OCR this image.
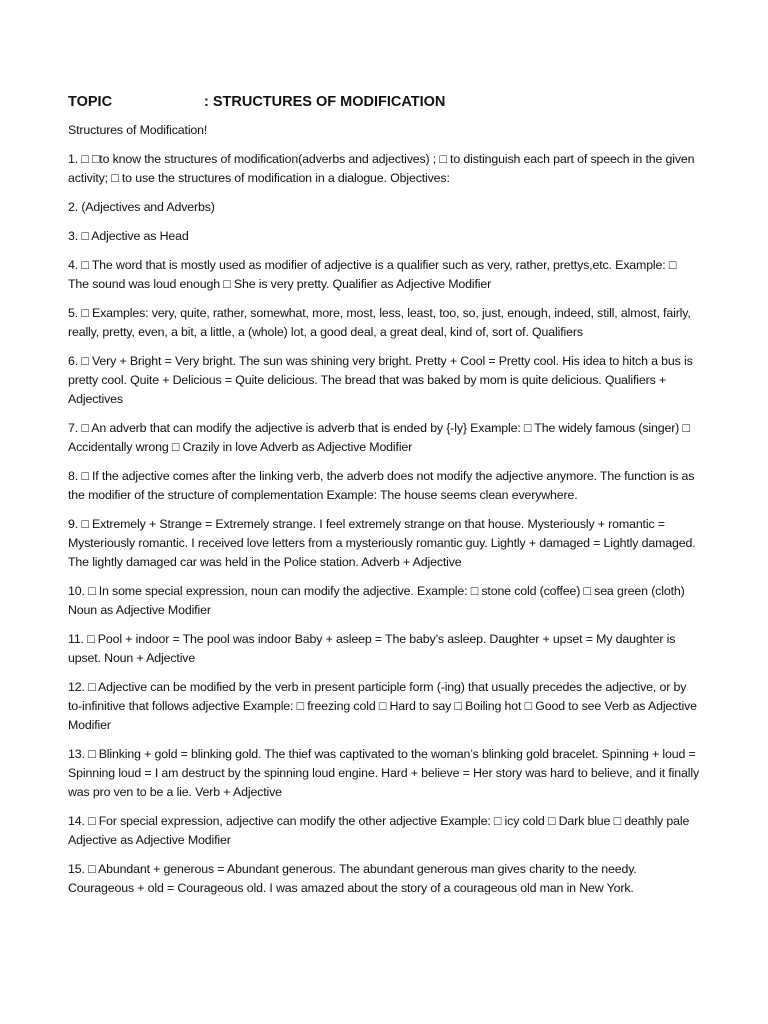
TOPIC	: STRUCTURES OF MODIFICATION

Structures of Modification!

1. □ □to know the structures of modification(adverbs and adjectives) ; □ to distinguish each part of speech in the given activity; □ to use the structures of modification in a dialogue. Objectives:
2. (Adjectives and Adverbs)
3. □ Adjective as Head
4. □ The word that is mostly used as modifier of adjective is a qualifier such as very, rather, prettys,etc. Example: □ The sound was loud enough □ She is very pretty. Qualifier as Adjective Modifier
5. □ Examples: very, quite, rather, somewhat, more, most, less, least, too, so, just, enough, indeed, still, almost, fairly, really, pretty, even, a bit, a little, a (whole) lot, a good deal, a great deal, kind of, sort of. Qualifiers
6. □ Very + Bright = Very bright. The sun was shining very bright. Pretty + Cool = Pretty cool. His idea to hitch a bus is pretty cool. Quite + Delicious = Quite delicious. The bread that was baked by mom is quite delicious. Qualifiers + Adjectives
7. □ An adverb that can modify the adjective is adverb that is ended by {-ly} Example: □ The widely famous (singer) □ Accidentally wrong □ Crazily in love Adverb as Adjective Modifier
8. □ If the adjective comes after the linking verb, the adverb does not modify the adjective anymore. The function is as the modifier of the structure of complementation Example: The house seems clean everywhere.
9. □ Extremely + Strange = Extremely strange. I feel extremely strange on that house. Mysteriously + romantic = Mysteriously romantic. I received love letters from a mysteriously romantic guy. Lightly + damaged = Lightly damaged. The lightly damaged car was held in the Police station. Adverb + Adjective
10. □ In some special expression, noun can modify the adjective. Example: □ stone cold (coffee) □ sea green (cloth) Noun as Adjective Modifier
11. □ Pool + indoor = The pool was indoor Baby + asleep = The baby’s asleep. Daughter + upset = My daughter is upset. Noun + Adjective
12. □ Adjective can be modified by the verb in present participle form (-ing) that usually precedes the adjective, or by to-infinitive that follows adjective Example: □ freezing cold □ Hard to say □ Boiling hot □ Good to see Verb as Adjective Modifier
13. □ Blinking + gold = blinking gold. The thief was captivated to the woman’s blinking gold bracelet. Spinning + loud = Spinning loud = I am destruct by the spinning loud engine. Hard + believe = Her story was hard to believe, and it finally was pro ven to be a lie. Verb + Adjective
14. □ For special expression, adjective can modify the other adjective Example: □ icy cold □ Dark blue □ deathly pale Adjective as Adjective Modifier
15. □ Abundant + generous = Abundant generous. The abundant generous man gives charity to the needy. Courageous + old = Courageous old. I was amazed about the story of a courageous old man in New York.
